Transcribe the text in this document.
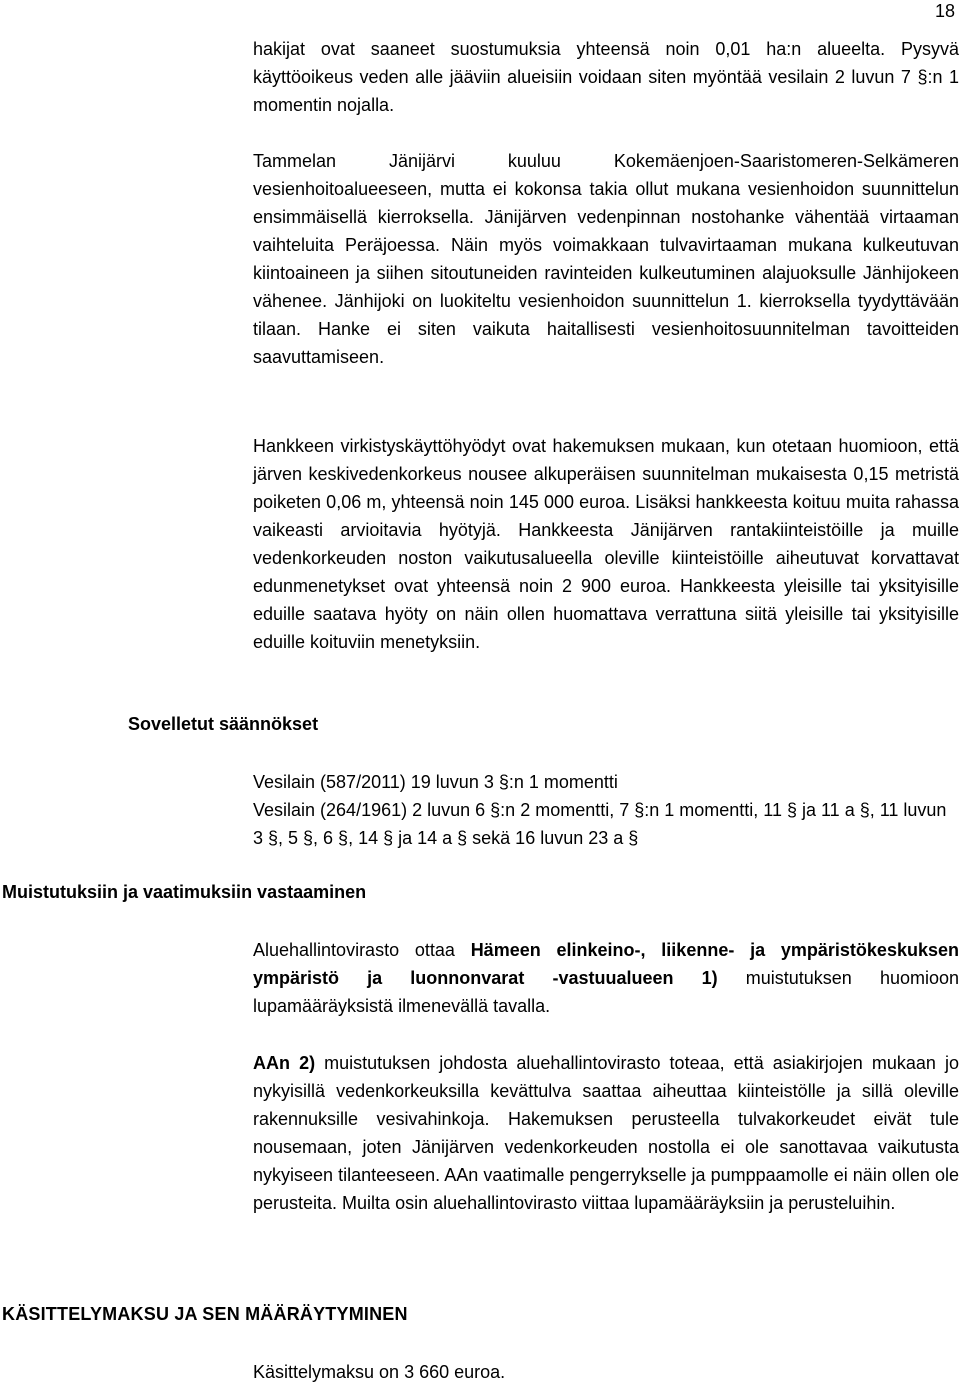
18

hakijat ovat saaneet suostumuksia yhteensä noin 0,01 ha:n alueelta. Pysyvä käyttöoikeus veden alle jääviin alueisiin voidaan siten myöntää vesilain 2 luvun 7 §:n 1 momentin nojalla.

Tammelan Jänijärvi kuuluu Kokemäenjoen-Saaristomeren-Selkämeren vesienhoitoalueeseen, mutta ei kokonsa takia ollut mukana vesienhoidon suunnittelun ensimmäisellä kierroksella. Jänijärven vedenpinnan nostohanke vähentää virtaaman vaihteluita Peräjoessa. Näin myös voimakkaan tulvavirtaaman mukana kulkeutuvan kiintoaineen ja siihen sitoutuneiden ravinteiden kulkeutuminen alajuoksulle Jänhijokeen vähenee. Jänhijoki on luokiteltu vesienhoidon suunnittelun 1. kierroksella tyydyttävään tilaan. Hanke ei siten vaikuta haitallisesti vesienhoitosuunnitelman tavoitteiden saavuttamiseen.

Hankkeen virkistyskäyttöhyödyt ovat hakemuksen mukaan, kun otetaan huomioon, että järven keskivedenkorkeus nousee alkuperäisen suunnitelman mukaisesta 0,15 metristä poiketen 0,06 m, yhteensä noin 145 000 euroa. Lisäksi hankkeesta koituu muita rahassa vaikeasti arvioitavia hyötyjä. Hankkeesta Jänijärven rantakiinteistöille ja muille vedenkorkeuden noston vaikutusalueella oleville kiinteistöille aiheutuvat korvattavat edunmenetykset ovat yhteensä noin 2 900 euroa. Hankkeesta yleisille tai yksityisille eduille saatava hyöty on näin ollen huomattava verrattuna siitä yleisille tai yksityisille eduille koituviin menetyksiin.

Sovelletut säännökset

Vesilain (587/2011) 19 luvun 3 §:n 1 momentti

Vesilain (264/1961) 2 luvun 6 §:n 2 momentti, 7 §:n 1 momentti, 11 § ja 11 a §, 11 luvun 3 §, 5 §, 6 §, 14 § ja 14 a § sekä 16 luvun 23 a §

Muistutuksiin ja vaatimuksiin vastaaminen

Aluehallintovirasto ottaa Hämeen elinkeino-, liikenne- ja ympäristökeskuksen ympäristö ja luonnonvarat -vastuualueen 1) muistutuksen huomioon lupamääräyksistä ilmenevällä tavalla.

AAn 2) muistutuksen johdosta aluehallintovirasto toteaa, että asiakirjojen mukaan jo nykyisillä vedenkorkeuksilla kevättulva saattaa aiheuttaa kiinteistölle ja sillä oleville rakennuksille vesivahinkoja. Hakemuksen perusteella tulvakorkeudet eivät tule nousemaan, joten Jänijärven vedenkorkeuden nostolla ei ole sanottavaa vaikutusta nykyiseen tilanteeseen. AAn vaatimalle pengerrykselle ja pumppaamolle ei näin ollen ole perusteita. Muilta osin aluehallintovirasto viittaa lupamääräyksiin ja perusteluihin.

KÄSITTELYMAKSU JA SEN MÄÄRÄYTYMINEN

Käsittelymaksu on 3 660 euroa.
